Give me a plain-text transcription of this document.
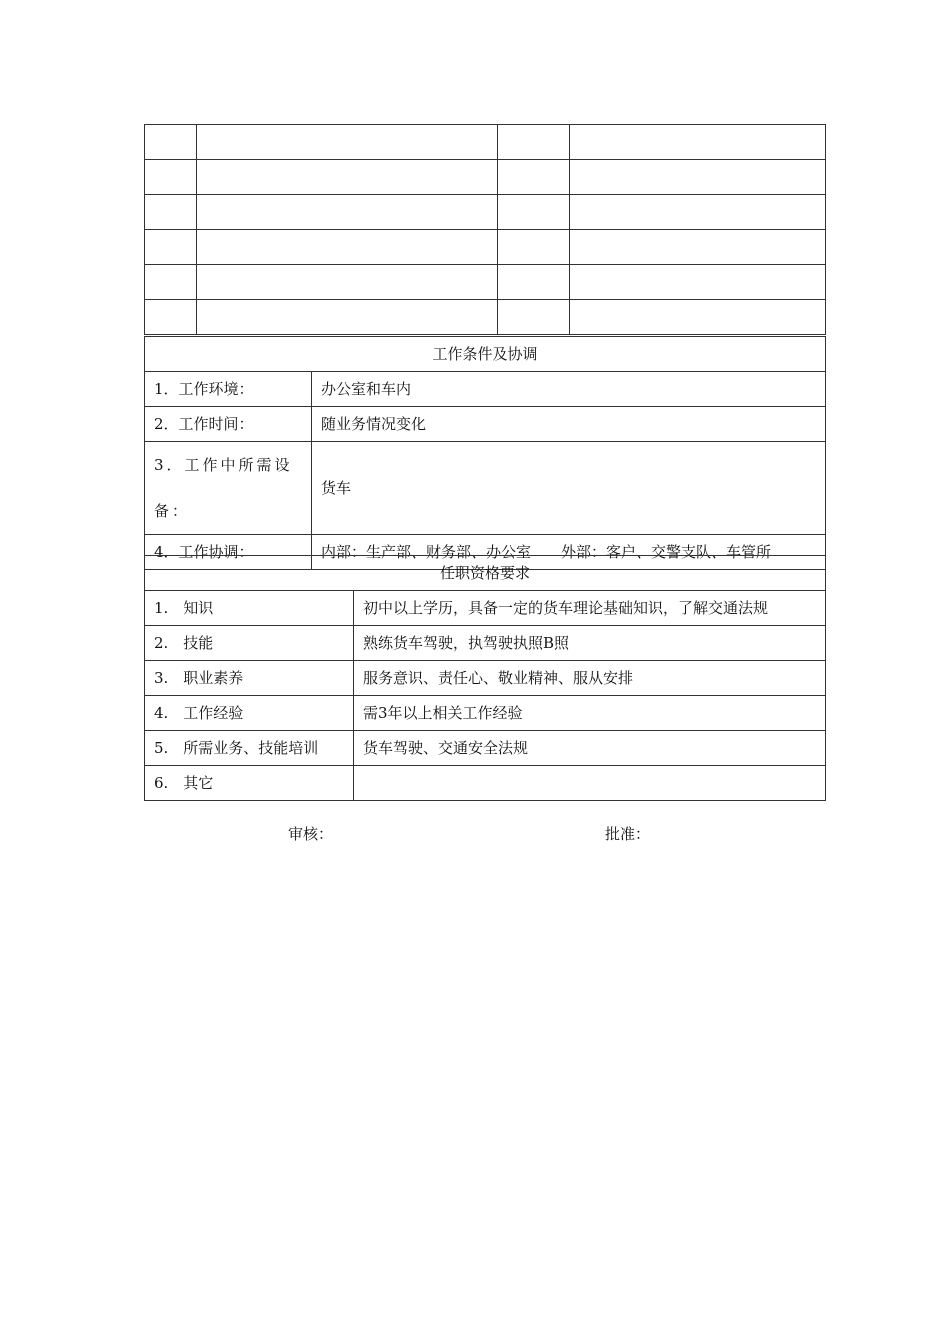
工作条件及协调	
1．工作环境：	办公室和车内
2．工作时间：	随业务情况变化
3．工作中所需设备：	货车
4．工作协调：	内部：生产部、财务部、办公室　　外部：客户、交警支队、车管所
任职资格要求	
1.　知识	初中以上学历，具备一定的货车理论基础知识，了解交通法规
2.　技能	熟练货车驾驶，执驾驶执照B照
3.　职业素养	服务意识、责任心、敬业精神、服从安排
4.　工作经验	需3年以上相关工作经验
5.　所需业务、技能培训	货车驾驶、交通安全法规
6.　其它	
审核：	批准：
